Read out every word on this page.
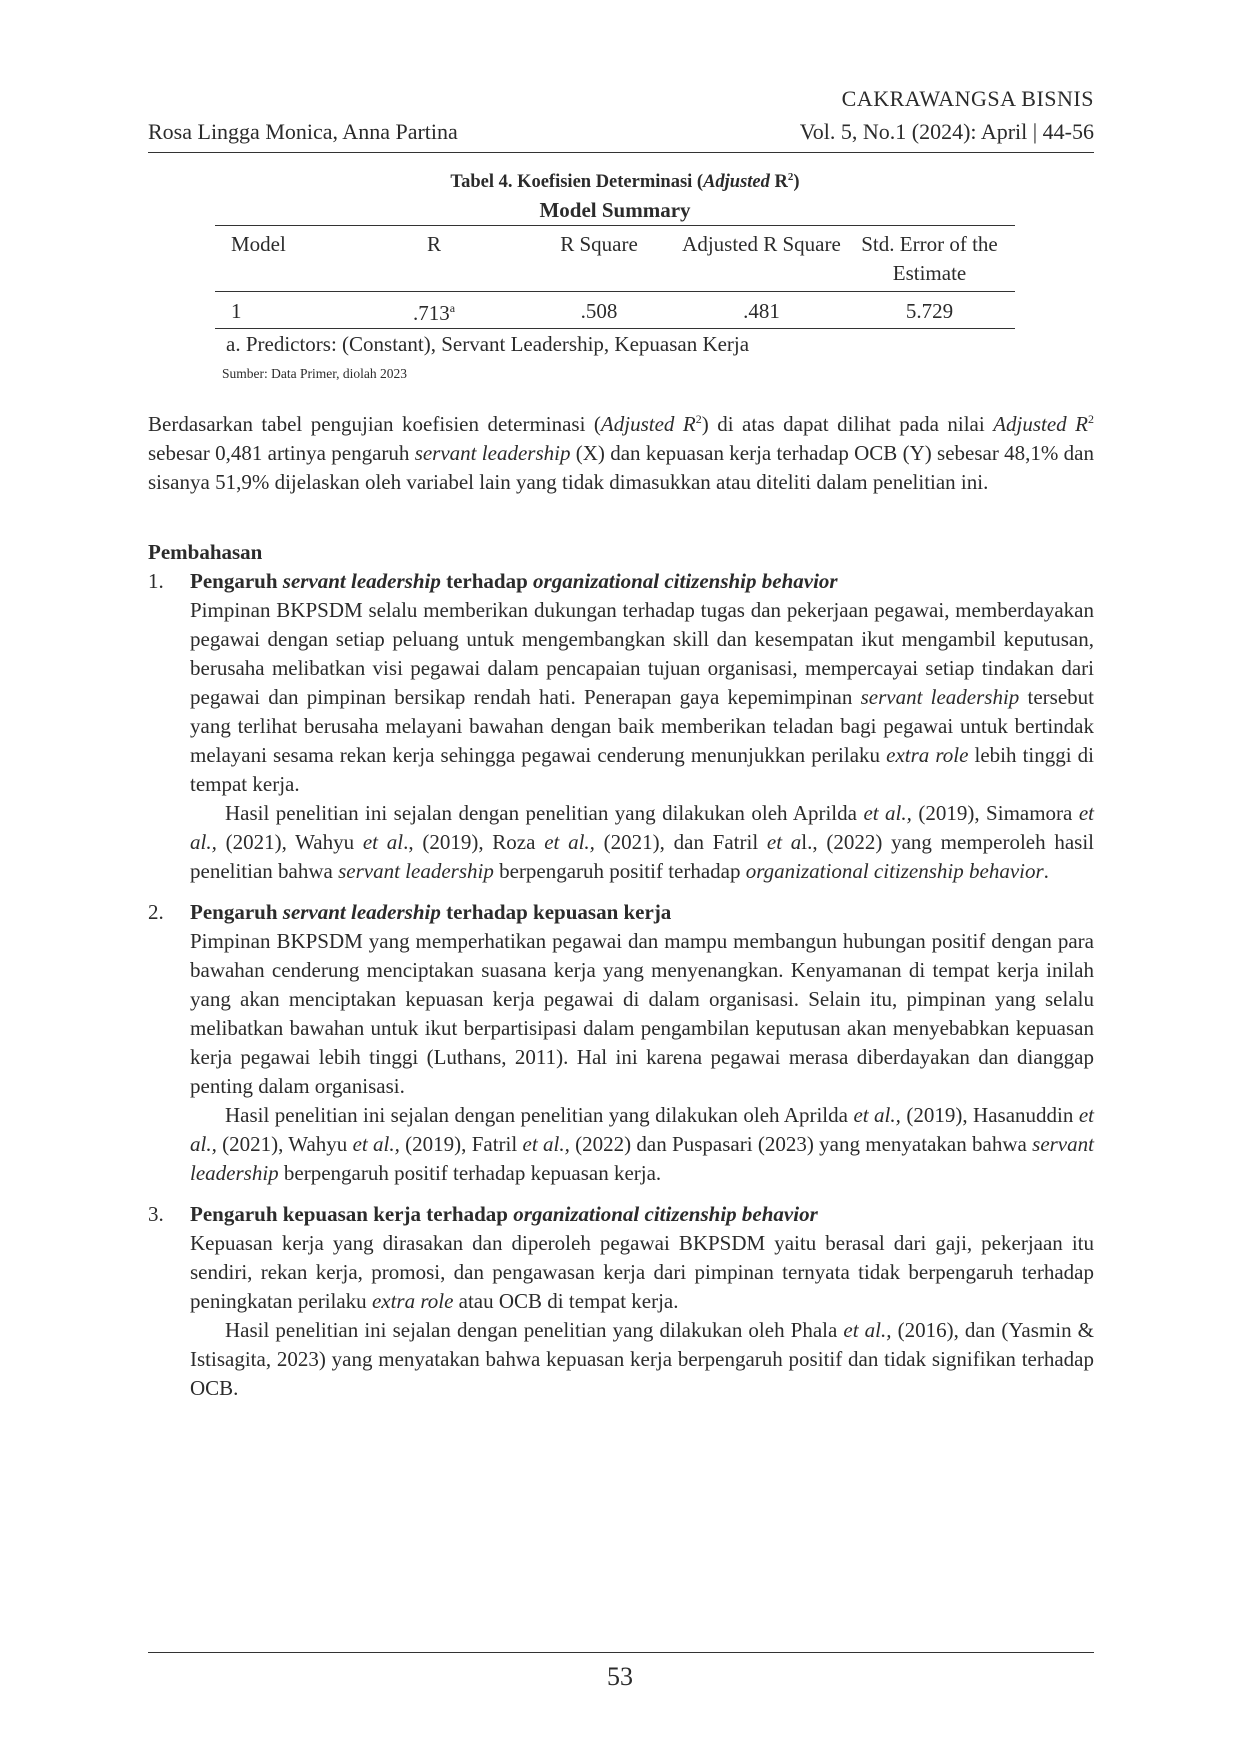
CAKRAWANGSA BISNIS
Rosa Lingga Monica, Anna Partina	Vol. 5, No.1 (2024): April | 44-56
Tabel 4. Koefisien Determinasi (Adjusted $R^2$)
Model Summary
Model	R	R Square	Adjusted R Square	Std. Error of the Estimate
1	.713$^a$	.508	.481	5.729
a. Predictors: (Constant), Servant Leadership, Kepuasan Kerja
Sumber: Data Primer, diolah 2023

Berdasarkan tabel pengujian koefisien determinasi (Adjusted $R^2$) di atas dapat dilihat pada nilai Adjusted $R^2$ sebesar 0,481 artinya pengaruh servant leadership (X) dan kepuasan kerja terhadap OCB (Y) sebesar 48,1% dan sisanya 51,9% dijelaskan oleh variabel lain yang tidak dimasukkan atau diteliti dalam penelitian ini.

Pembahasan
1. Pengaruh servant leadership terhadap organizational citizenship behavior
Pimpinan BKPSDM selalu memberikan dukungan terhadap tugas dan pekerjaan pegawai, memberdayakan pegawai dengan setiap peluang untuk mengembangkan skill dan kesempatan ikut mengambil keputusan, berusaha melibatkan visi pegawai dalam pencapaian tujuan organisasi, mempercayai setiap tindakan dari pegawai dan pimpinan bersikap rendah hati. Penerapan gaya kepemimpinan servant leadership tersebut yang terlihat berusaha melayani bawahan dengan baik memberikan teladan bagi pegawai untuk bertindak melayani sesama rekan kerja sehingga pegawai cenderung menunjukkan perilaku extra role lebih tinggi di tempat kerja.
Hasil penelitian ini sejalan dengan penelitian yang dilakukan oleh Aprilda et al., (2019), Simamora et al., (2021), Wahyu et al., (2019), Roza et al., (2021), dan Fatril et al., (2022) yang memperoleh hasil penelitian bahwa servant leadership berpengaruh positif terhadap organizational citizenship behavior.
2. Pengaruh servant leadership terhadap kepuasan kerja
Pimpinan BKPSDM yang memperhatikan pegawai dan mampu membangun hubungan positif dengan para bawahan cenderung menciptakan suasana kerja yang menyenangkan. Kenyamanan di tempat kerja inilah yang akan menciptakan kepuasan kerja pegawai di dalam organisasi. Selain itu, pimpinan yang selalu melibatkan bawahan untuk ikut berpartisipasi dalam pengambilan keputusan akan menyebabkan kepuasan kerja pegawai lebih tinggi (Luthans, 2011). Hal ini karena pegawai merasa diberdayakan dan dianggap penting dalam organisasi.
Hasil penelitian ini sejalan dengan penelitian yang dilakukan oleh Aprilda et al., (2019), Hasanuddin et al., (2021), Wahyu et al., (2019), Fatril et al., (2022) dan Puspasari (2023) yang menyatakan bahwa servant leadership berpengaruh positif terhadap kepuasan kerja.
3. Pengaruh kepuasan kerja terhadap organizational citizenship behavior
Kepuasan kerja yang dirasakan dan diperoleh pegawai BKPSDM yaitu berasal dari gaji, pekerjaan itu sendiri, rekan kerja, promosi, dan pengawasan kerja dari pimpinan ternyata tidak berpengaruh terhadap peningkatan perilaku extra role atau OCB di tempat kerja.
Hasil penelitian ini sejalan dengan penelitian yang dilakukan oleh Phala et al., (2016), dan (Yasmin & Istisagita, 2023) yang menyatakan bahwa kepuasan kerja berpengaruh positif dan tidak signifikan terhadap OCB.
53
